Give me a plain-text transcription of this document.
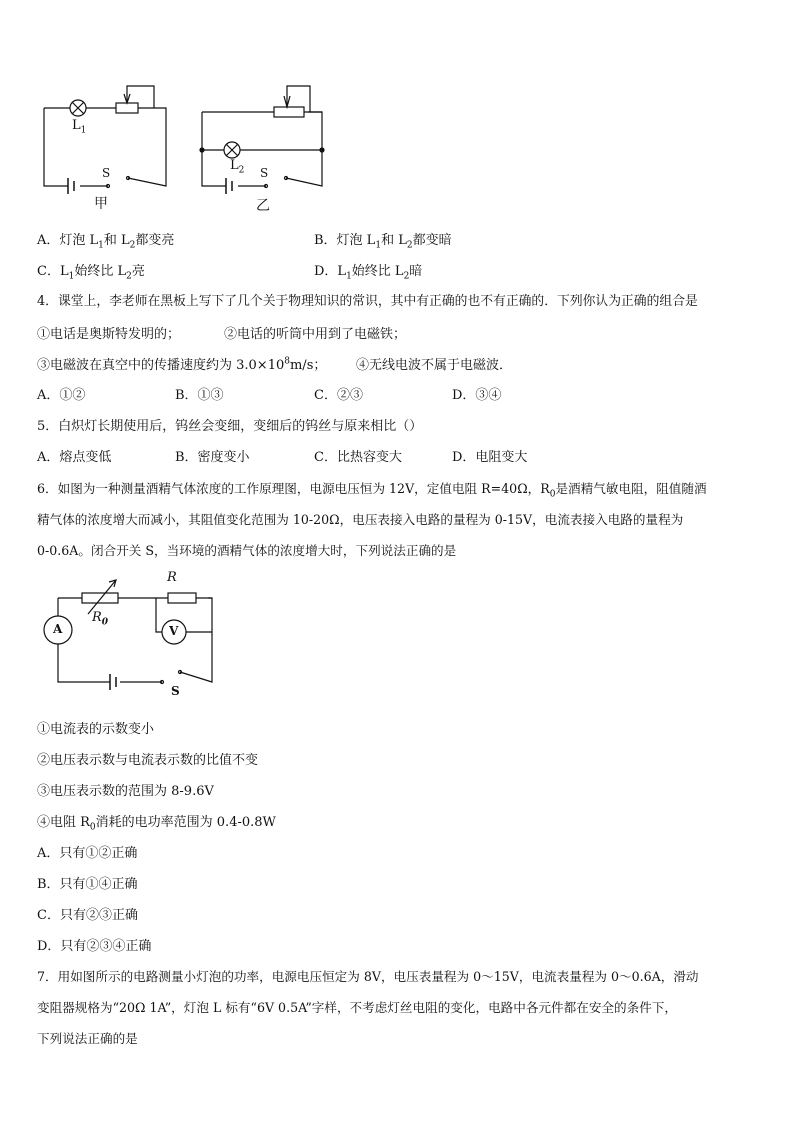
$L_1$
S
甲
$L_2$ S
乙
A．灯泡 $L_1$和 $L_2$都变亮	B．灯泡 $L_1$和 $L_2$都变暗
C．$L_1$始终比 $L_2$亮	D．$L_1$始终比 $L_2$暗
4．课堂上，李老师在黑板上写下了几个关于物理知识的常识，其中有正确的也不有正确的．下列你认为正确的组合是
①电话是奥斯特发明的；	②电话的听筒中用到了电磁铁；
③电磁波在真空中的传播速度约为 $3.0\times 10^8m/s$； ④无线电波不属于电磁波．
A．①②	B．①③	C．②③	D．③④
5．白炽灯长期使用后，钨丝会变细，变细后的钨丝与原来相比（）
A．熔点变低	B．密度变小	C．比热容变大	D．电阻变大
6．如图为一种测量酒精气体浓度的工作原理图，电源电压恒为 12V，定值电阻 R=40Ω，$R_0$是酒精气敏电阻，阻值随酒
精气体的浓度增大而减小，其阻值变化范围为 10-20Ω，电压表接入电路的量程为 0-15V，电流表接入电路的量程为
0-0.6A。闭合开关 S，当环境的酒精气体的浓度增大时，下列说法正确的是
R
$R_0$
A	V
S
①电流表的示数变小
②电压表示数与电流表示数的比值不变
③电压表示数的范围为 8-9.6V
④电阻 $R_0$消耗的电功率范围为 0.4-0.8W
A．只有①②正确
B．只有①④正确
C．只有②③正确
D．只有②③④正确
7．用如图所示的电路测量小灯泡的功率，电源电压恒定为 8V，电压表量程为 0～15V，电流表量程为 0～0.6A，滑动
变阻器规格为“20Ω 1A”，灯泡 L 标有“6V 0.5A”字样，不考虑灯丝电阻的变化，电路中各元件都在安全的条件下，
下列说法正确的是
